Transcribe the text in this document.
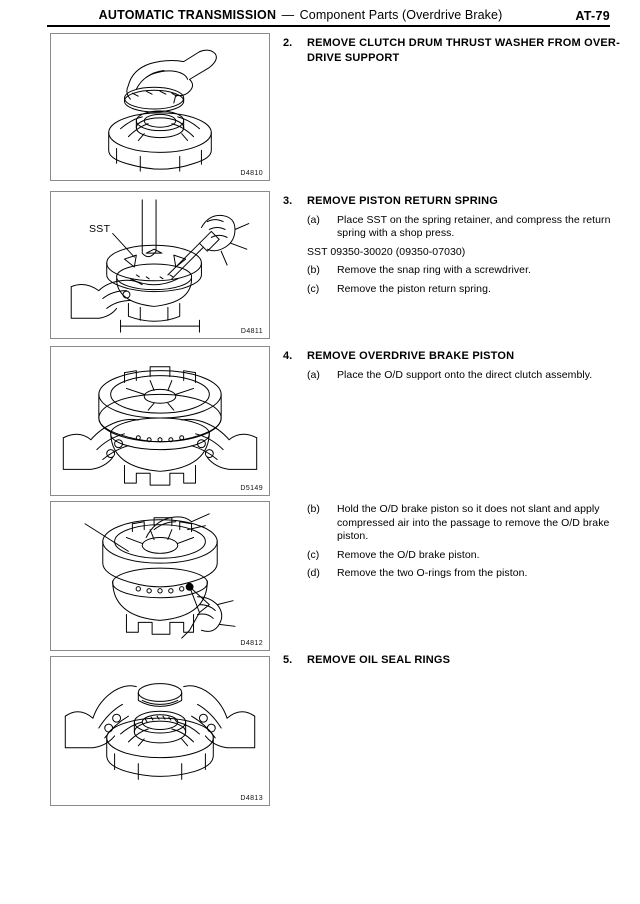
AUTOMATIC TRANSMISSION — Component Parts (Overdrive Brake)	AT-79
D4810
SST
D4811
D5149
D4812
D4813
2. REMOVE CLUTCH DRUM THRUST WASHER FROM OVER-DRIVE SUPPORT
3. REMOVE PISTON RETURN SPRING
(a) Place SST on the spring retainer, and compress the return spring with a shop press.
SST 09350-30020 (09350-07030)
(b) Remove the snap ring with a screwdriver.
(c) Remove the piston return spring.
4. REMOVE OVERDRIVE BRAKE PISTON
(a) Place the O/D support onto the direct clutch assembly.
(b) Hold the O/D brake piston so it does not slant and apply compressed air into the passage to remove the O/D brake piston.
(c) Remove the O/D brake piston.
(d) Remove the two O-rings from the piston.
5. REMOVE OIL SEAL RINGS
